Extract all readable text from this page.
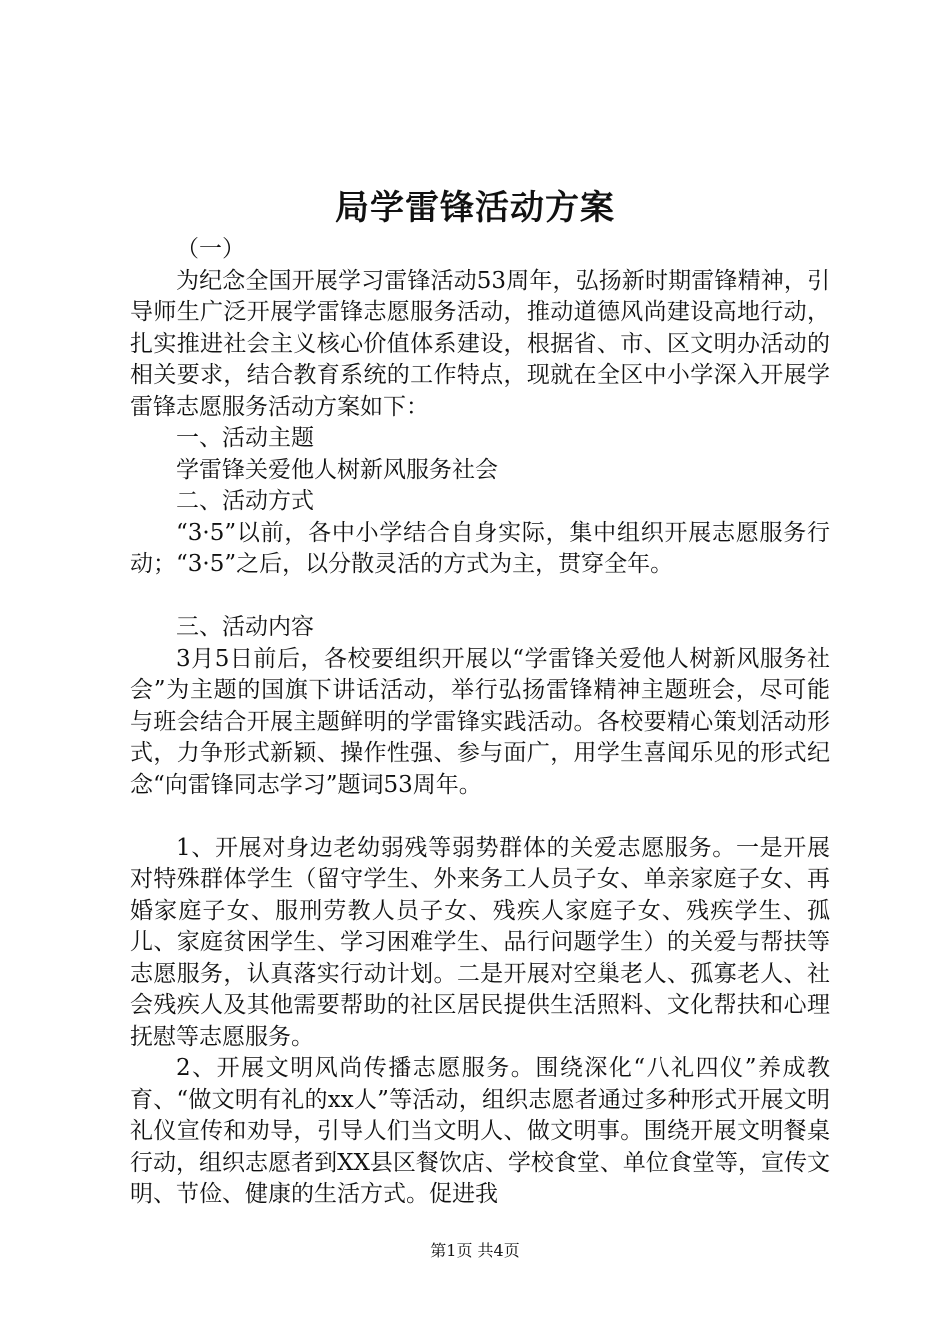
局学雷锋活动方案

（一）

为纪念全国开展学习雷锋活动53周年，弘扬新时期雷锋精神，引导师生广泛开展学雷锋志愿服务活动，推动道德风尚建设高地行动，扎实推进社会主义核心价值体系建设，根据省、市、区文明办活动的相关要求，结合教育系统的工作特点，现就在全区中小学深入开展学雷锋志愿服务活动方案如下：

一、活动主题

学雷锋关爱他人树新风服务社会

二、活动方式

“3·5”以前，各中小学结合自身实际，集中组织开展志愿服务行动；“3·5”之后，以分散灵活的方式为主，贯穿全年。

三、活动内容

3月5日前后，各校要组织开展以“学雷锋关爱他人树新风服务社会”为主题的国旗下讲话活动，举行弘扬雷锋精神主题班会，尽可能与班会结合开展主题鲜明的学雷锋实践活动。各校要精心策划活动形式，力争形式新颖、操作性强、参与面广，用学生喜闻乐见的形式纪念“向雷锋同志学习”题词53周年。

1、开展对身边老幼弱残等弱势群体的关爱志愿服务。一是开展对特殊群体学生（留守学生、外来务工人员子女、单亲家庭子女、再婚家庭子女、服刑劳教人员子女、残疾人家庭子女、残疾学生、孤儿、家庭贫困学生、学习困难学生、品行问题学生）的关爱与帮扶等志愿服务，认真落实行动计划。二是开展对空巢老人、孤寡老人、社会残疾人及其他需要帮助的社区居民提供生活照料、文化帮扶和心理抚慰等志愿服务。

2、开展文明风尚传播志愿服务。围绕深化“八礼四仪”养成教育、“做文明有礼的xx人”等活动，组织志愿者通过多种形式开展文明礼仪宣传和劝导，引导人们当文明人、做文明事。围绕开展文明餐桌行动，组织志愿者到XX县区餐饮店、学校食堂、单位食堂等，宣传文明、节俭、健康的生活方式。促进我

第1页 共4页
